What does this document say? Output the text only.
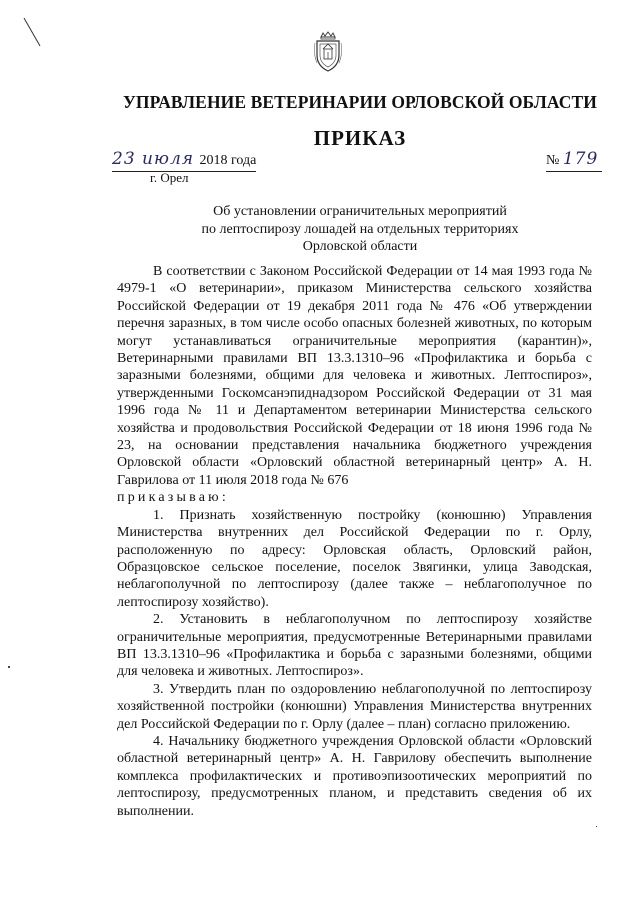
УПРАВЛЕНИЕ ВЕТЕРИНАРИИ ОРЛОВСКОЙ ОБЛАСТИ
ПРИКАЗ
23 июля 2018 года	№ 179
г. Орел
Об установлении ограничительных мероприятий
по лептоспирозу лошадей на отдельных территориях
Орловской области

В соответствии с Законом Российской Федерации от 14 мая 1993 года № 4979-1 «О ветеринарии», приказом Министерства сельского хозяйства Российской Федерации от 19 декабря 2011 года № 476 «Об утверждении перечня заразных, в том числе особо опасных болезней животных, по которым могут устанавливаться ограничительные мероприятия (карантин)», Ветеринарными правилами ВП 13.3.1310–96 «Профилактика и борьба с заразными болезнями, общими для человека и животных. Лептоспироз», утвержденными Госкомсанэпиднадзором Российской Федерации от 31 мая 1996 года № 11 и Департаментом ветеринарии Министерства сельского хозяйства и продовольствия Российской Федерации от 18 июня 1996 года № 23, на основании представления начальника бюджетного учреждения Орловской области «Орловский областной ветеринарный центр» А. Н. Гаврилова от 11 июля 2018 года № 676

приказываю:

1. Признать хозяйственную постройку (конюшню) Управления Министерства внутренних дел Российской Федерации по г. Орлу, расположенную по адресу: Орловская область, Орловский район, Образцовское сельское поселение, поселок Звягинки, улица Заводская, неблагополучной по лептоспирозу (далее также – неблагополучное по лептоспирозу хозяйство).

2. Установить в неблагополучном по лептоспирозу хозяйстве ограничительные мероприятия, предусмотренные Ветеринарными правилами ВП 13.3.1310–96 «Профилактика и борьба с заразными болезнями, общими для человека и животных. Лептоспироз».

3. Утвердить план по оздоровлению неблагополучной по лептоспирозу хозяйственной постройки (конюшни) Управления Министерства внутренних дел Российской Федерации по г. Орлу (далее – план) согласно приложению.

4. Начальнику бюджетного учреждения Орловской области «Орловский областной ветеринарный центр» А. Н. Гаврилову обеспечить выполнение комплекса профилактических и противоэпизоотических мероприятий по лептоспирозу, предусмотренных планом, и представить сведения об их выполнении.
